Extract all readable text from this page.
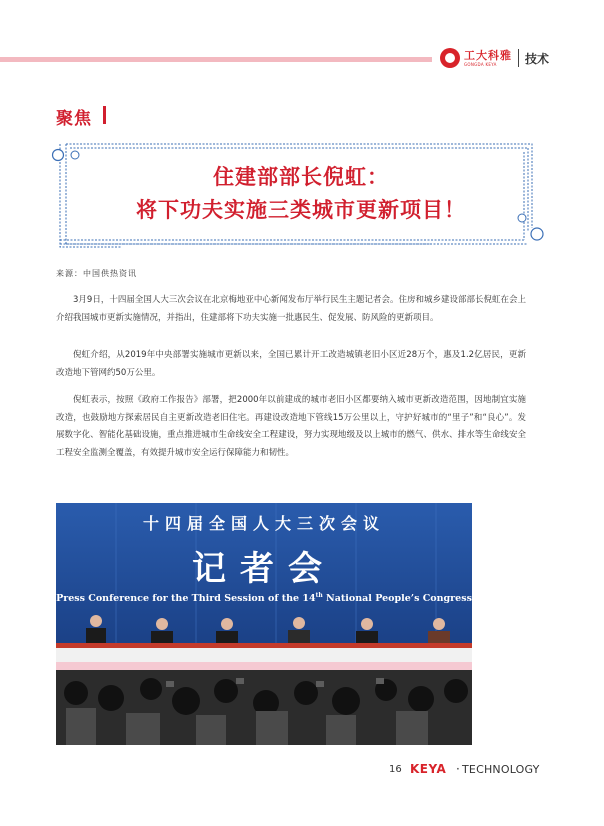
工大科雅
GONGDA KEYA	技术
聚焦
住建部部长倪虹：
将下功夫实施三类城市更新项目！
来源：中国供热资讯

3月9日，十四届全国人大三次会议在北京梅地亚中心新闻发布厅举行民生主题记者会。住房和城乡建设部部长倪虹在会上介绍我国城市更新实施情况，并指出，住建部将下功夫实施一批惠民生、促发展、防风险的更新项目。

倪虹介绍，从2019年中央部署实施城市更新以来，全国已累计开工改造城镇老旧小区近28万个，惠及1.2亿居民，更新改造地下管网约50万公里。

倪虹表示，按照《政府工作报告》部署，把2000年以前建成的城市老旧小区都要纳入城市更新改造范围，因地制宜实施改造，也鼓励地方探索居民自主更新改造老旧住宅。再建设改造地下管线15万公里以上，守护好城市的“里子”和“良心”。发展数字化、智能化基础设施，重点推进城市生命线安全工程建设，努力实现地级及以上城市的燃气、供水、排水等生命线安全工程安全监测全覆盖，有效提升城市安全运行保障能力和韧性。

十四届全国人大三次会议
记者会
Press Conference for the Third Session of the 14th National People’s Congress
16 KEYA · TECHNOLOGY
